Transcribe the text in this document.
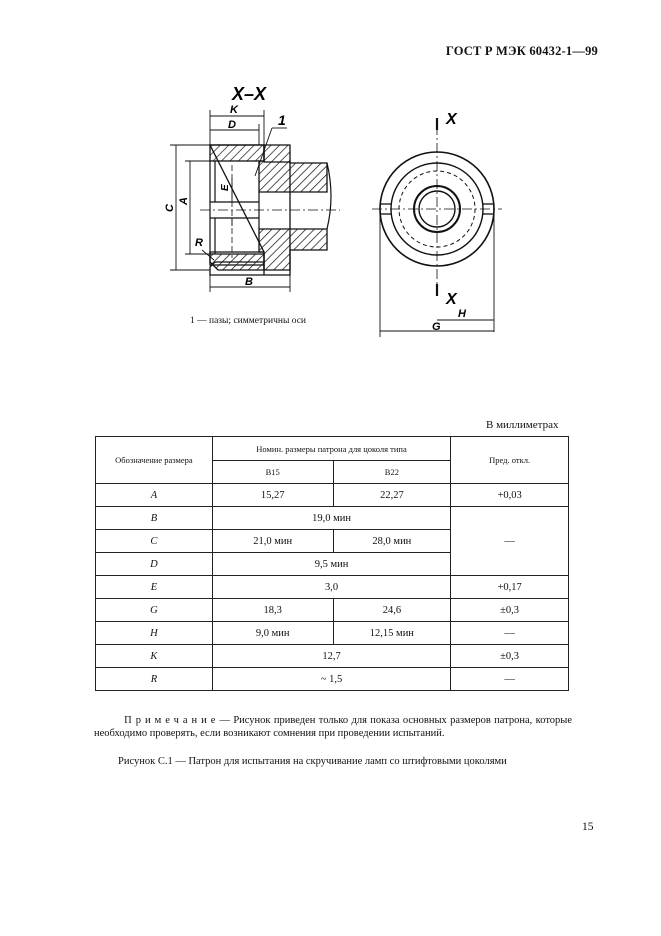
ГОСТ Р МЭК 60432-1—99
X–X
K
D	1
C
A
E
R
B
X
X
H
G
1 — пазы; симметричны оси
В миллиметрах
Обозначение размера	Номин. размеры патрона для цоколя типа		Пред. откл.
	B15	B22	
A	15,27	22,27	+0,03
B	19,0 мин		—
C	21,0 мин	28,0 мин	
D	9,5 мин		
E	3,0		+0,17
G	18,3	24,6	±0,3
H	9,0 мин	12,15 мин	—
K	12,7		±0,3
R	~ 1,5		—
Примечание— Рисунок приведен только для показа основных размеров патрона, которые необходимо проверять, если возникают сомнения при проведении испытаний.
Рисунок С.1 — Патрон для испытания на скручивание ламп со штифтовыми цоколями
15
